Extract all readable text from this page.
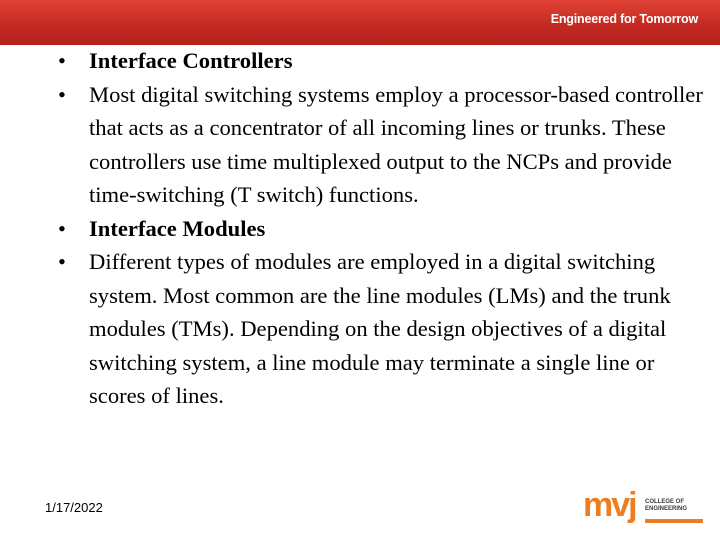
Engineered for Tomorrow
• Interface Controllers
• Most digital switching systems employ a processor-based controller that acts as a concentrator of all incoming lines or trunks. These controllers use time multiplexed output to the NCPs and provide time-switching (T switch) functions.
• Interface Modules
• Different types of modules are employed in a digital switching system. Most common are the line modules (LMs) and the trunk modules (TMs). Depending on the design objectives of a digital switching system, a line module may terminate a single line or scores of lines.
1/17/2022	mvj COLLEGE OF ENGINEERING
